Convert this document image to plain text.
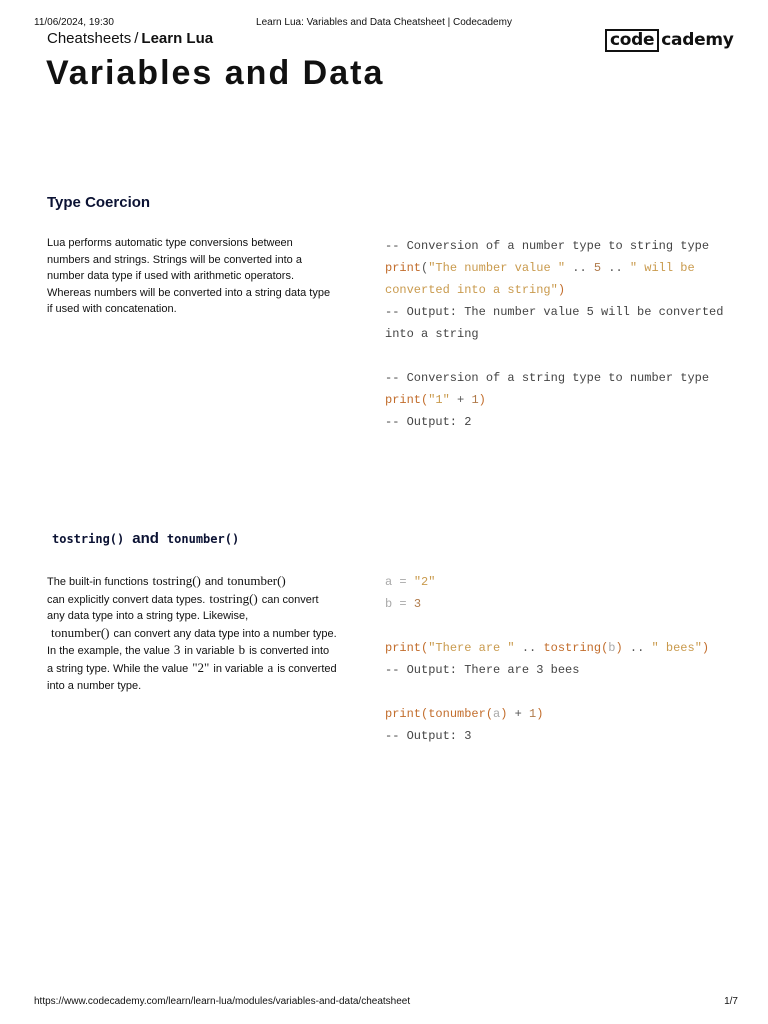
11/06/2024, 19:30	Learn Lua: Variables and Data Cheatsheet | Codecademy
Cheatsheets / Learn Lua	code cademy
Variables and Data
Type Coercion

Lua performs automatic type conversions between numbers and strings. Strings will be converted into a number data type if used with arithmetic operators. Whereas numbers will be converted into a string data type if used with concatenation.

-- Conversion of a number type to string type
print("The number value " .. 5 .. " will be converted into a string")
-- Output: The number value 5 will be converted into a string
-- Conversion of a string type to number type
print("1" + 1)
-- Output: 2
tostring() and tonumber()

The built-in functions tostring() and tonumber()
can explicitly convert data types. tostring() can convert any data type into a string type. Likewise,
tonumber() can convert any data type into a number type.

In the example, the value 3 in variable b is converted into a string type. While the value "2" in variable a is converted into a number type.

a = "2"
b = 3
print("There are " .. tostring(b) .. " bees")
-- Output: There are 3 bees
print(tonumber(a) + 1)
-- Output: 3
https://www.codecademy.com/learn/learn-lua/modules/variables-and-data/cheatsheet	1/7
